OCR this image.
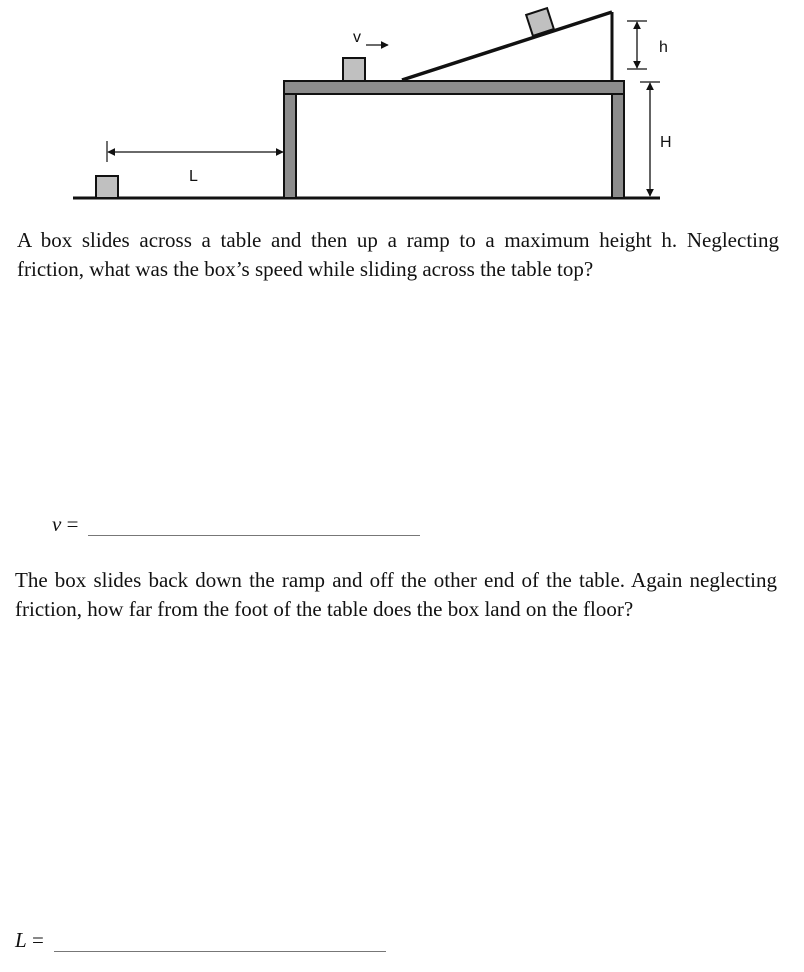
v
h
H
L

A box slides across a table and then up a ramp to a maximum height h. Neglecting friction, what was the box’s speed while sliding across the table top?

v =

The box slides back down the ramp and off the other end of the table. Again neglecting friction, how far from the foot of the table does the box land on the floor?

L =
